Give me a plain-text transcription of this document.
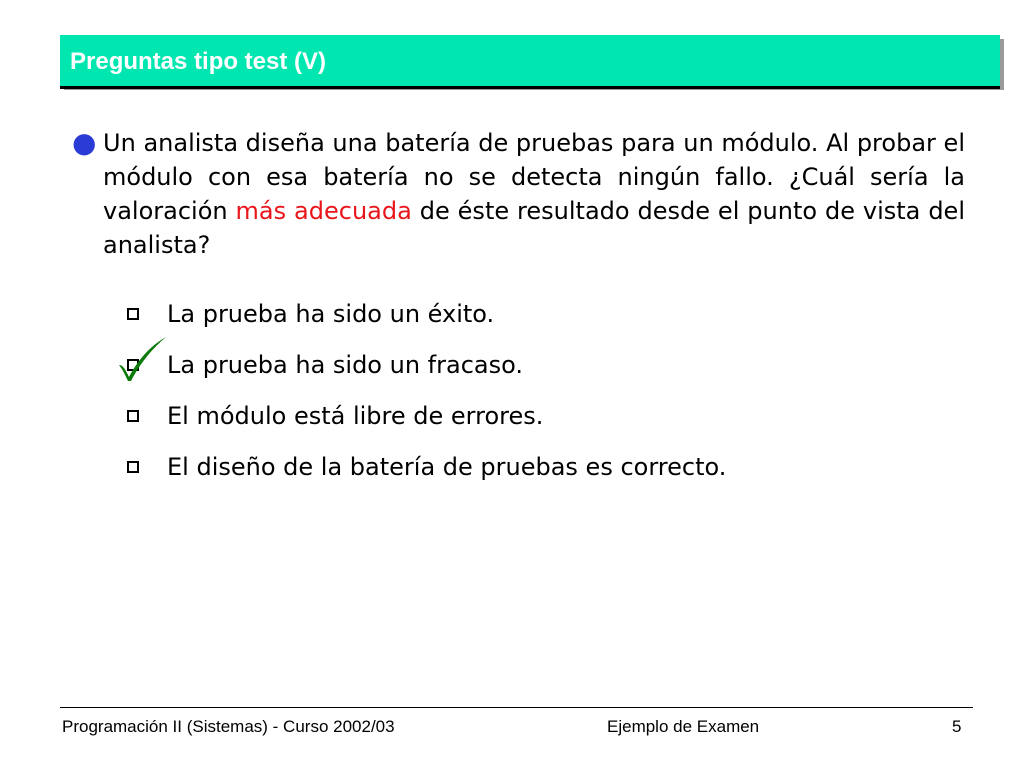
Preguntas tipo test (V)
● Un analista diseña una batería de pruebas para un módulo. Al probar el módulo con esa batería no se detecta ningún fallo. ¿Cuál sería la valoración más adecuada de éste resultado desde el punto de vista del analista?
La prueba ha sido un éxito.
La prueba ha sido un fracaso.
El módulo está libre de errores.
El diseño de la batería de pruebas es correcto.
Programación II (Sistemas) - Curso 2002/03	Ejemplo de Examen	5
